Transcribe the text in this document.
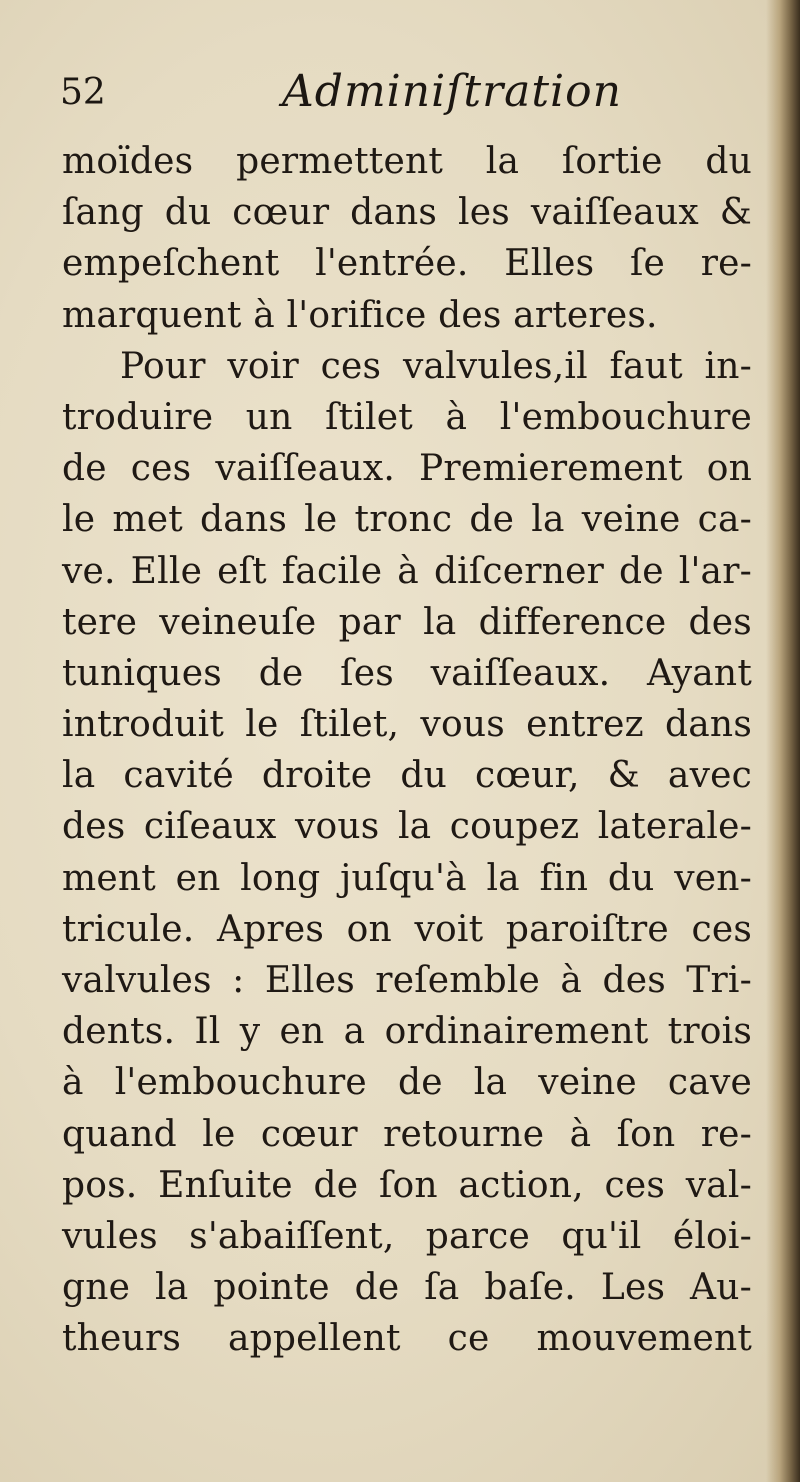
52	Adminiſtration
moïdes permettent la ſortie du
ſang du cœur dans les vaiſſeaux &
empeſchent l'entrée. Elles ſe re-
marquent à l'orifice des arteres.
Pour voir ces valvules,il faut in-
troduire un ſtilet à l'embouchure
de ces vaiſſeaux. Premierement on
le met dans le tronc de la veine ca-
ve. Elle eſt facile à diſcerner de l'ar-
tere veineuſe par la difference des
tuniques de ſes vaiſſeaux. Ayant
introduit le ſtilet, vous entrez dans
la cavité droite du cœur, & avec
des ciſeaux vous la coupez laterale-
ment en long juſqu'à la fin du ven-
tricule. Apres on voit paroiſtre ces
valvules : Elles reſemble à des Tri-
dents. Il y en a ordinairement trois
à l'embouchure de la veine cave
quand le cœur retourne à ſon re-
pos. Enſuite de ſon action, ces val-
vules s'abaiſſent, parce qu'il éloi-
gne la pointe de ſa baſe. Les Au-
theurs appellent ce mouvement
